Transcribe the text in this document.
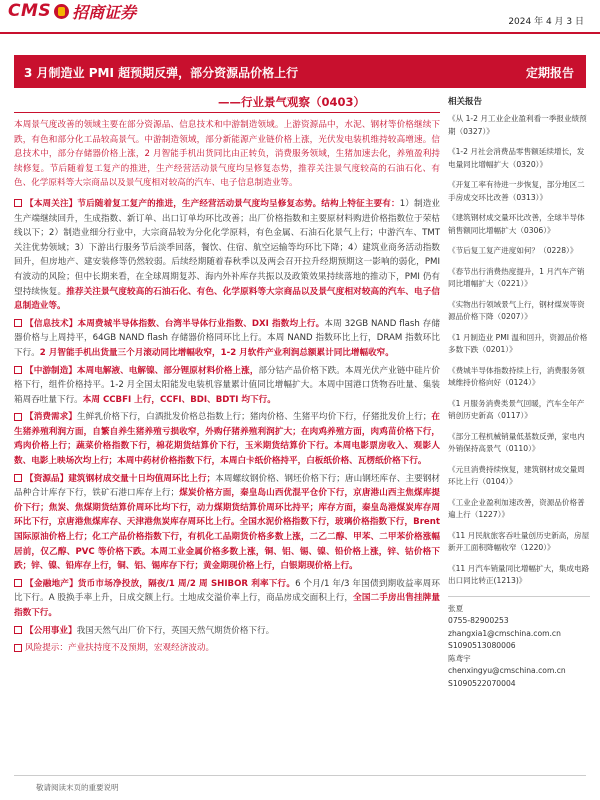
CMS 招商证券
2024 年 4 月 3 日
3 月制造业 PMI 超预期反弹，部分资源品价格上行	定期报告
——行业景气观察（0403）

本周景气度改善的领域主要在部分资源品、信息技术和中游制造领域。上游资源品中，水泥、钢材等价格继续下跌，有色和部分化工品较高景气。中游制造领域，部分新能源产业链价格上涨，光伏发电装机维持较高增速。信息技术中，部分存储器价格上涨，2 月智能手机出货同比由正转负，消费服务领域，生猪加速去化，养殖盈利持续修复。节后随着复工复产的推进，生产经营活动景气度均呈修复态势，推荐关注景气度较高的石油石化、有色、化学原料等大宗商品以及景气度相对较高的汽车、电子信息制造业等。

【本周关注】节后随着复工复产的推进，生产经营活动景气度均呈修复态势。结构上特征主要有：1）制造业生产端继续回升，生成指数、新订单、出口订单均环比改善；出厂价格指数和主要原材料购进价格指数位于荣枯线以下；2）制造业细分行业中，大宗商品较为分化化学原料，有色金属、石油石化景气上行；中游汽车、TMT 关注优势领域；3）下游出行服务节后淡季回落，餐饮、住宿、航空运输等均环比下降；4）建筑业商务活动指数回升，但房地产、建安装修等仍然较弱。后续经期随着春秋季以及两会召开拉升经期预期这一影响的弱化，PMI 有波动的风险；但中长期来看，在全球周期复苏、海内外补库存共振以及政策效果持续落地的推动下，PMI 仍有望持续恢复。推荐关注景气度较高的石油石化、有色、化学原料等大宗商品以及景气度相对较高的汽车、电子信息制造业等。

【信息技术】本周费城半导体指数、台湾半导体行业指数、DXI 指数均上行。本周 32GB NAND flash 存储器价格与上周持平，64GB NAND flash 存储器价格同环比上行。本周 NAND 指数环比上行，DRAM 指数环比下行。2 月智能手机出货量三个月滚动同比增幅收窄，1-2 月软件产业利润总额累计同比增幅收窄。

【中游制造】本周电解液、电解镍、部分锂原材料价格上涨，部分钴产品价格下跌。本周光伏产业链中硅片价格下行，组件价格持平。1-2 月全国太阳能发电装机容量累计值同比增幅扩大。本周中国港口货物吞吐量、集装箱周吞吐量下行。本周 CCBFI 上行，CCFI、BDI、BDTI 均下行。

【消费需求】生鲜乳价格下行，白酒批发价格总指数上行；猪肉价格、生猪平均价下行，仔猪批发价上行；在生猪养殖利润方面，自繁自养生猪养殖亏损收窄，外购仔猪养殖利润扩大；在肉鸡养殖方面，肉鸡苗价格下行，鸡肉价格上行；蔬菜价格指数下行，棉花期货结算价下行，玉米期货结算价下行。本周电影票房收入、观影人数、电影上映场次均上行；本周中药材价格指数下行，本周白卡纸价格持平，白板纸价格、瓦楞纸价格下行。

【资源品】建筑钢材成交量十日均值周环比上行；本周螺纹钢价格、钢坯价格下行；唐山钢坯库存、主要钢材品种合计库存下行，铁矿石港口库存上行；煤炭价格方面，秦皇岛山西优混平仓价下行，京唐港山西主焦煤库提价下行；焦炭、焦煤期货结算价周环比均下行，动力煤期货结算价周环比持平；库存方面，秦皇岛港煤炭库存周环比下行，京唐港焦煤库存、天津港焦炭库存周环比上行。全国水泥价格指数下行，玻璃价格指数下行，Brent 国际原油价格上行；化工产品价格指数下行，有机化工品期货价格多数上涨，二乙二醇、甲苯、二甲苯价格涨幅居前，仅乙醇、PVC 等价格下跌。本周工业金属价格多数上涨，铜、铝、锡、镍、铅价格上涨，锌、钴价格下跌；锌、镍、铅库存上行，铜、铝、锡库存下行；黄金期现价格上行，白银期现价格上行。

【金融地产】货币市场净投放，隔夜/1 周/2 周 SHIBOR 利率下行。6 个月/1 年/3 年国债到期收益率周环比下行。A 股换手率上升，日成交额上行。土地成交溢价率上行，商品房成交面积上行，全国二手房出售挂牌量指数下行。

【公用事业】我国天然气出厂价下行，英国天然气期货价格下行。

风险提示：产业扶持度不及预期，宏观经济波动。

相关报告
《从 1-2 月工业企业盈利看一季报业绩预期（0327）》
《1-2 月社会消费品零售额延续增长，发电量同比增幅扩大（0320）》
《开复工率有待进一步恢复，部分地区二手房成交环比改善（0313）》
《建筑钢材成交量环比改善，全球半导体销售额同比增幅扩大（0306）》
《节后复工复产进度如何？（0228）》
《春节出行消费热度提升，1 月汽车产销同比增幅扩大（0221）》
《实物出行领域景气上行，钢材煤炭等资源品价格下降（0207）》
《1 月制造业 PMI 温和回升，资源品价格多数下跌（0201）》
《费城半导体指数持续上行，消费服务领域维持价格向好（0124）》
《1 月服务消费类景气回暖，汽车全年产销创历史新高（0117）》
《部分工程机械销量低基数反弹，家电内外销保持高景气（0110）》
《元旦消费持续恢复，建筑钢材成交量周环比上行（0104）》
《工业企业盈利加速改善，资源品价格普遍上行（1227）》
《11 月民航旅客吞吐量创历史新高，房屋新开工面积降幅收窄（1220）》
《11 月汽车销量同比增幅扩大，集成电路出口同比转正(1213)》
张夏
0755-82900253
zhangxia1@cmschina.com.cn
S1090513080006
陈鸢宇
chenxingyu@cmschina.com.cn
S1090522070004
敬请阅读末页的重要说明
